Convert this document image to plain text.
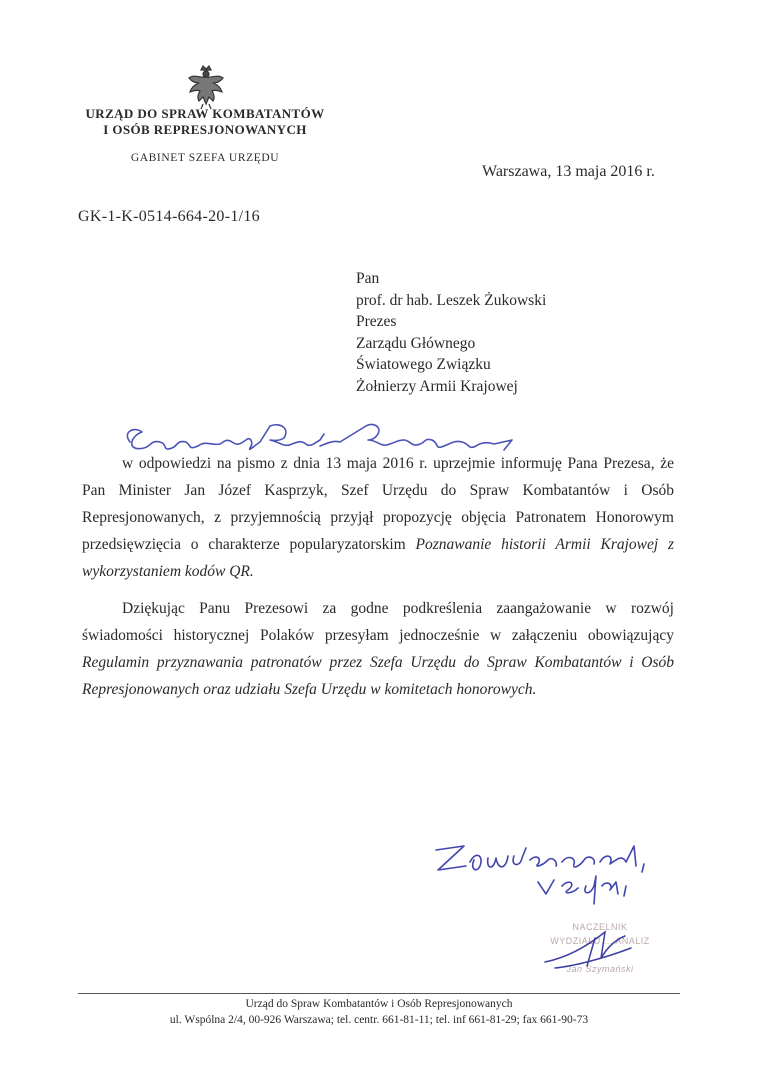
URZĄD DO SPRAW KOMBATANTÓW
I OSÓB REPRESJONOWANYCH
GABINET SZEFA URZĘDU
Warszawa, 13 maja 2016 r.
GK-1-K-0514-664-20-1/16
Pan
prof. dr hab. Leszek Żukowski
Prezes
Zarządu Głównego
Światowego Związku
Żołnierzy Armii Krajowej

w odpowiedzi na pismo z dnia 13 maja 2016 r. uprzejmie informuję Pana Prezesa, że Pan Minister Jan Józef Kasprzyk, Szef Urzędu do Spraw Kombatantów i Osób Represjonowanych, z przyjemnością przyjął propozycję objęcia Patronatem Honorowym przedsięwzięcia o charakterze popularyzatorskim Poznawanie historii Armii Krajowej z wykorzystaniem kodów QR.

Dziękując Panu Prezesowi za godne podkreślenia zaangażowanie w rozwój świadomości historycznej Polaków przesyłam jednocześnie w załączeniu obowiązujący Regulamin przyznawania patronatów przez Szefa Urzędu do Spraw Kombatantów i Osób Represjonowanych oraz udziału Szefa Urzędu w komitetach honorowych.

NACZELNIK
WYDZIAŁU ... ANALIZ
Jan Szymański
Urząd do Spraw Kombatantów i Osób Represjonowanych
ul. Wspólna 2/4, 00-926 Warszawa; tel. centr. 661-81-11; tel. inf 661-81-29; fax 661-90-73
